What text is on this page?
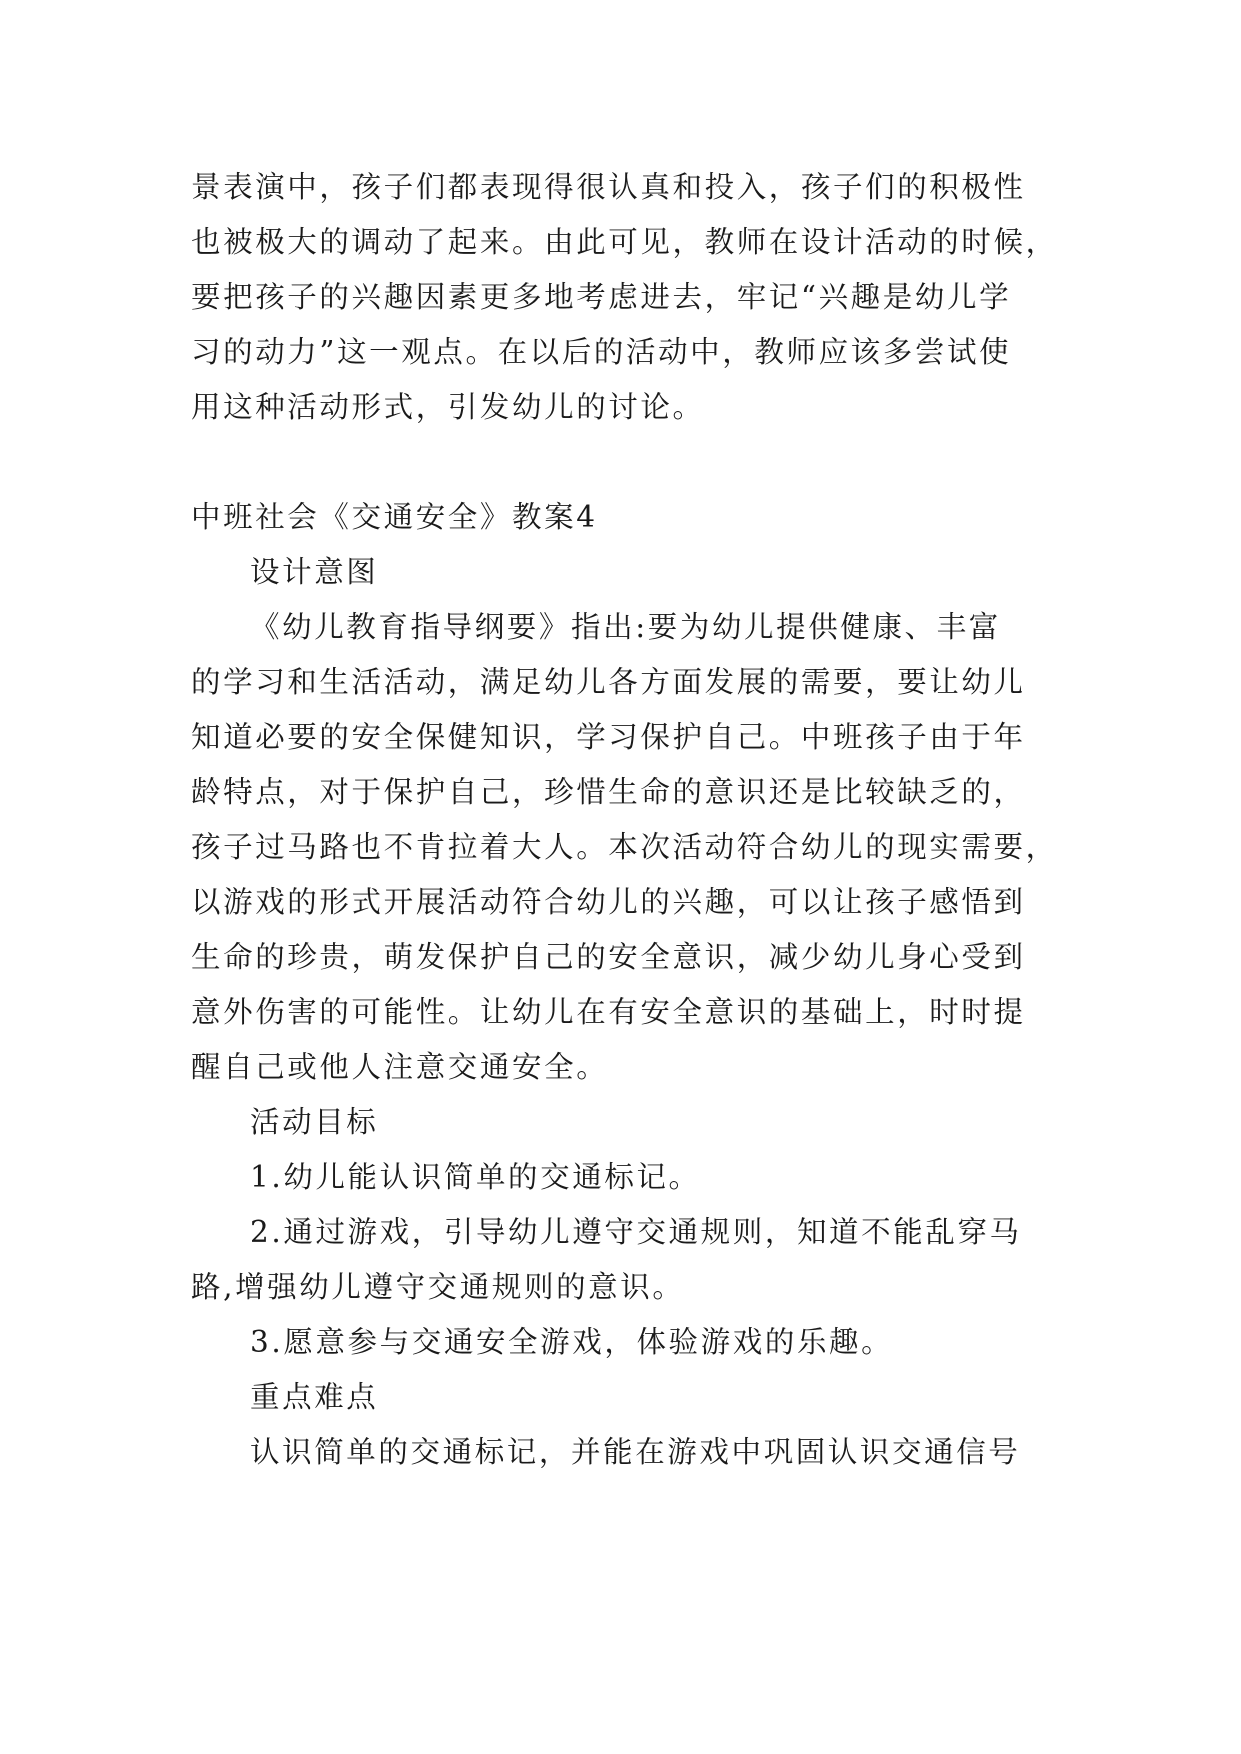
景表演中，孩子们都表现得很认真和投入，孩子们的积极性
也被极大的调动了起来。由此可见，教师在设计活动的时候，
要把孩子的兴趣因素更多地考虑进去，牢记“兴趣是幼儿学
习的动力”这一观点。在以后的活动中，教师应该多尝试使
用这种活动形式，引发幼儿的讨论。

中班社会《交通安全》教案4

设计意图

《幼儿教育指导纲要》指出:要为幼儿提供健康、丰富
的学习和生活活动，满足幼儿各方面发展的需要，要让幼儿
知道必要的安全保健知识，学习保护自己。中班孩子由于年
龄特点，对于保护自己，珍惜生命的意识还是比较缺乏的，
孩子过马路也不肯拉着大人。本次活动符合幼儿的现实需要，
以游戏的形式开展活动符合幼儿的兴趣，可以让孩子感悟到
生命的珍贵，萌发保护自己的安全意识，减少幼儿身心受到
意外伤害的可能性。让幼儿在有安全意识的基础上，时时提
醒自己或他人注意交通安全。

活动目标

1.幼儿能认识简单的交通标记。

2.通过游戏，引导幼儿遵守交通规则，知道不能乱穿马
路,增强幼儿遵守交通规则的意识。

3.愿意参与交通安全游戏，体验游戏的乐趣。

重点难点

认识简单的交通标记，并能在游戏中巩固认识交通信号
